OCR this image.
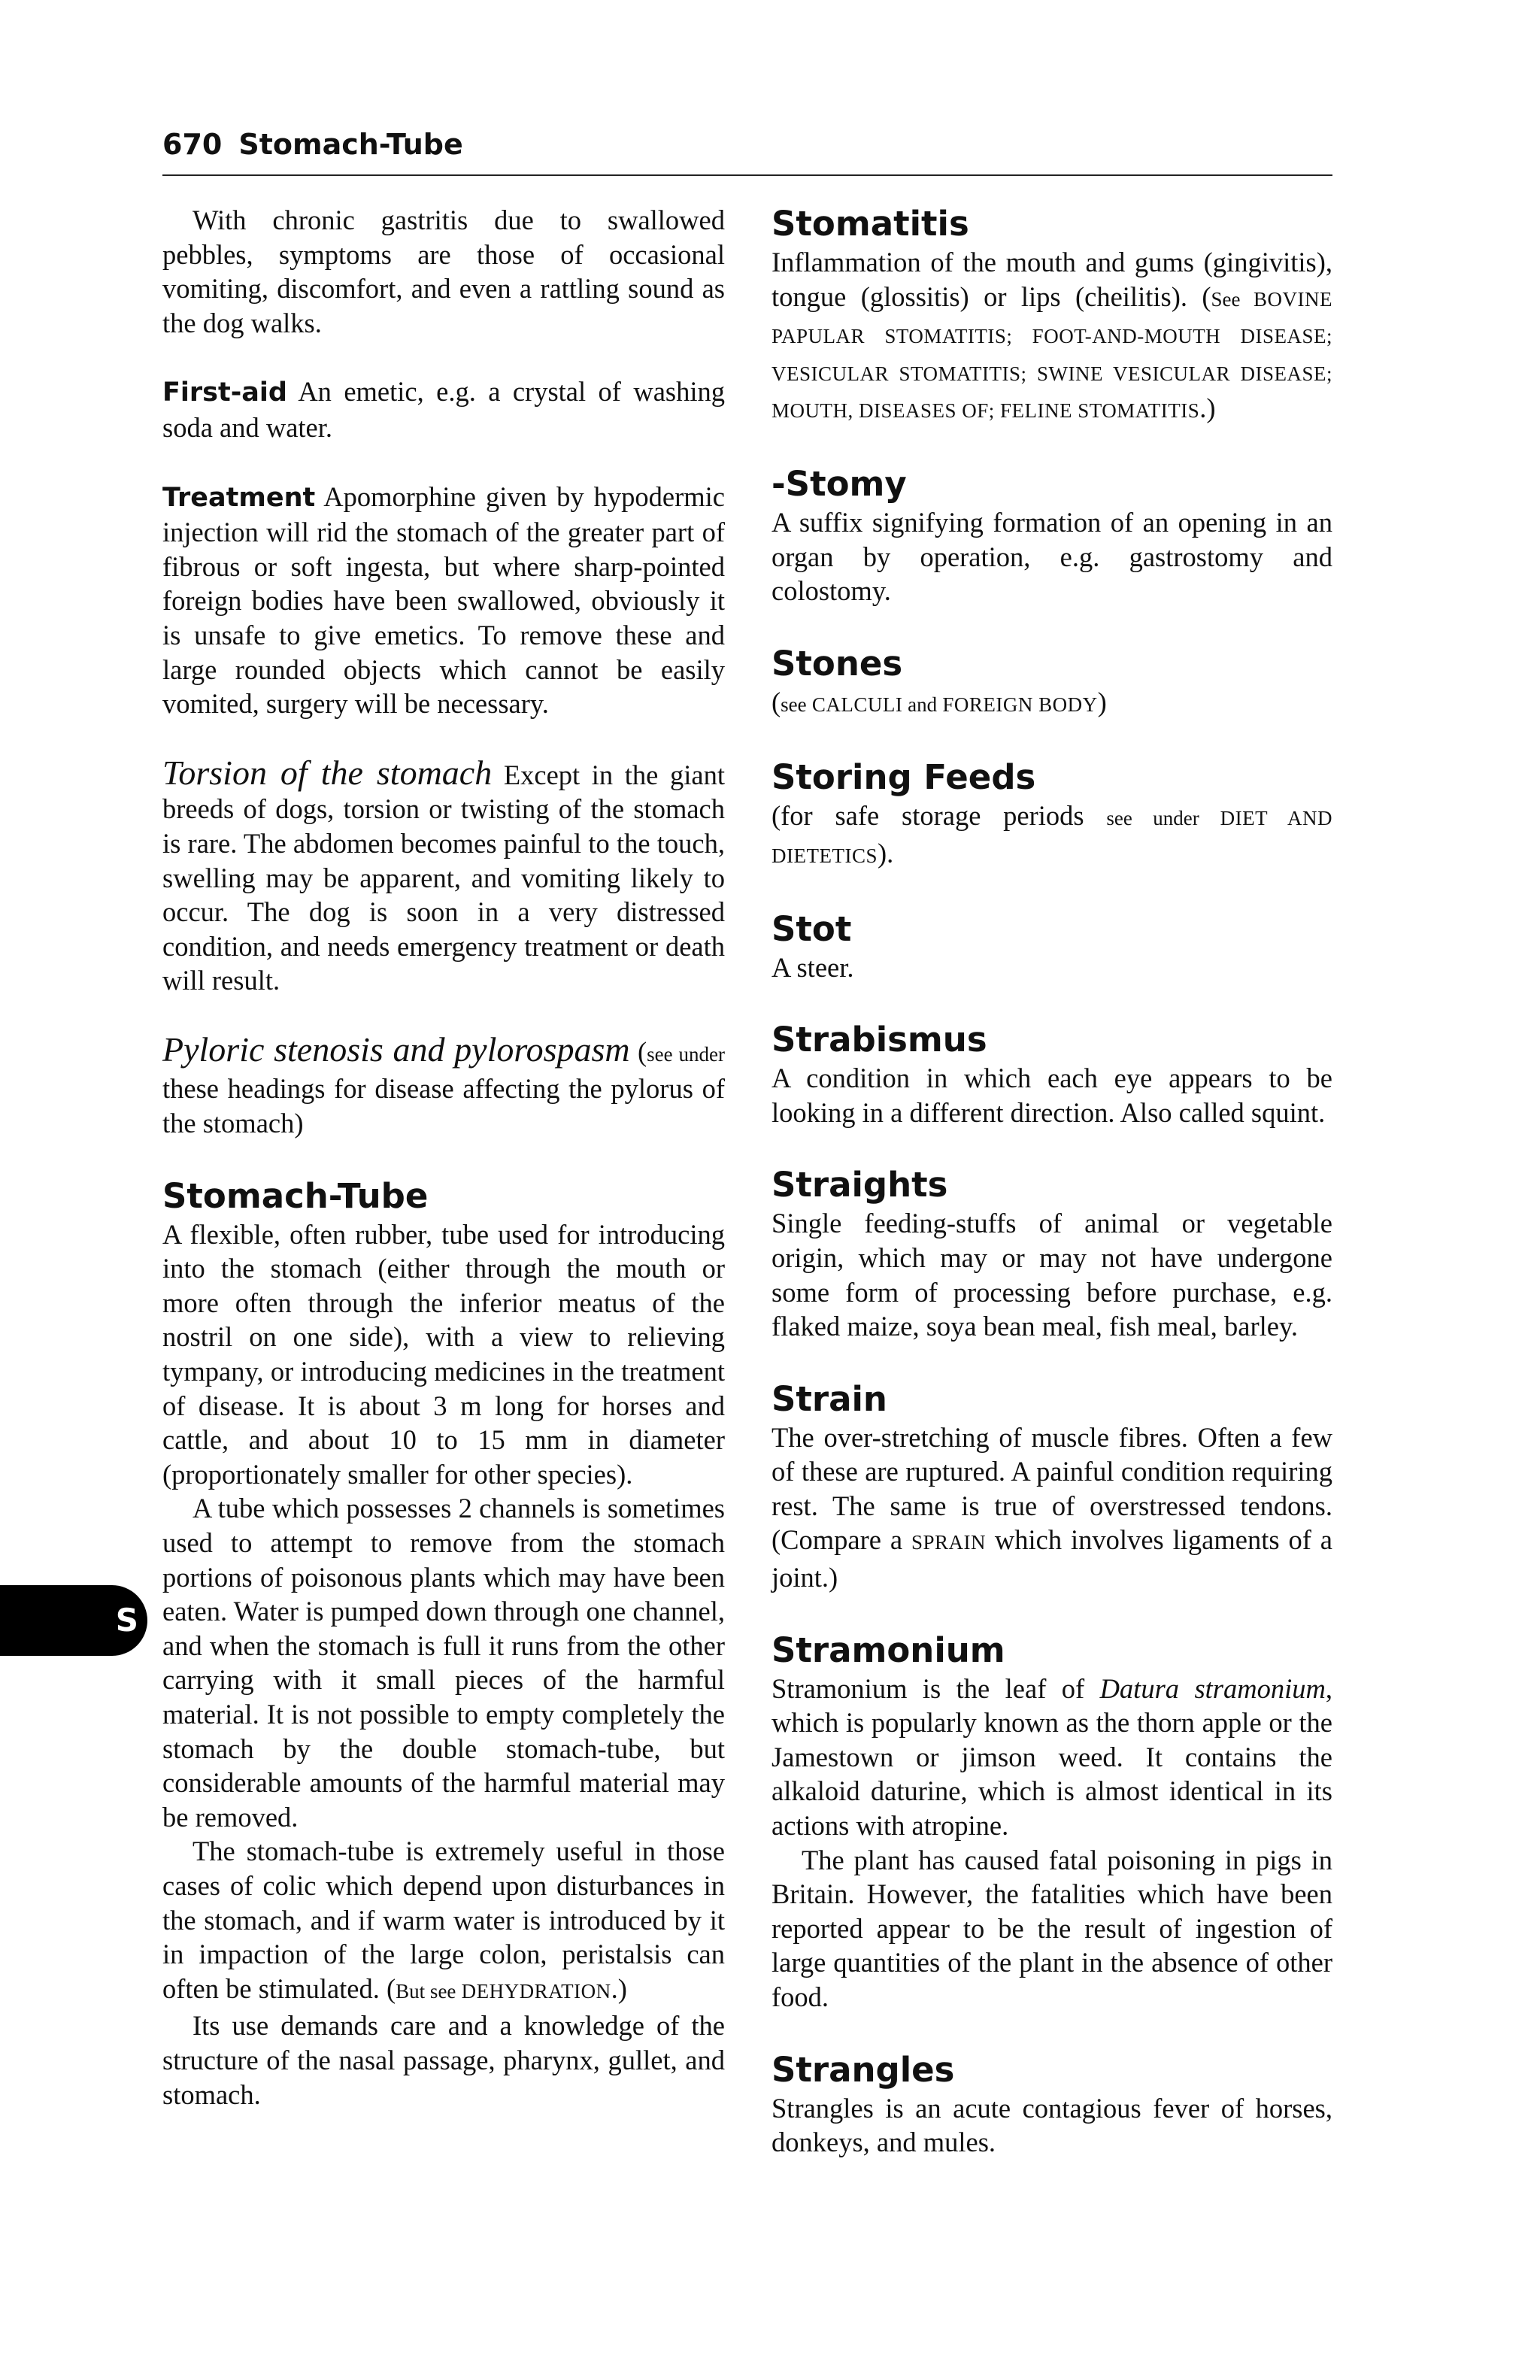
670 Stomach-Tube

With chronic gastritis due to swallowed pebbles, symptoms are those of occasional vomiting, discomfort, and even a rattling sound as the dog walks.

First-aid An emetic, e.g. a crystal of washing soda and water.

Treatment Apomorphine given by hypodermic injection will rid the stomach of the greater part of fibrous or soft ingesta, but where sharp-pointed foreign bodies have been swallowed, obviously it is unsafe to give emetics. To remove these and large rounded objects which cannot be easily vomited, surgery will be necessary.

Torsion of the stomach Except in the giant breeds of dogs, torsion or twisting of the stomach is rare. The abdomen becomes painful to the touch, swelling may be apparent, and vomiting likely to occur. The dog is soon in a very distressed condition, and needs emergency treatment or death will result.

Pyloric stenosis and pylorospasm (see under these headings for disease affecting the pylorus of the stomach)

Stomach-Tube

A flexible, often rubber, tube used for introducing into the stomach (either through the mouth or more often through the inferior meatus of the nostril on one side), with a view to relieving tympany, or introducing medicines in the treatment of disease. It is about 3 m long for horses and cattle, and about 10 to 15 mm in diameter (proportionately smaller for other species).

A tube which possesses 2 channels is sometimes used to attempt to remove from the stomach portions of poisonous plants which may have been eaten. Water is pumped down through one channel, and when the stomach is full it runs from the other carrying with it small pieces of the harmful material. It is not possible to empty completely the stomach by the double stomach-tube, but considerable amounts of the harmful material may be removed.

The stomach-tube is extremely useful in those cases of colic which depend upon disturbances in the stomach, and if warm water is introduced by it in impaction of the large colon, peristalsis can often be stimulated. (But see DEHYDRATION.)

Its use demands care and a knowledge of the structure of the nasal passage, pharynx, gullet, and stomach.

Stomatitis

Inflammation of the mouth and gums (gingivitis), tongue (glossitis) or lips (cheilitis). (See BOVINE PAPULAR STOMATITIS; FOOT-AND-MOUTH DISEASE; VESICULAR STOMATITIS; SWINE VESICULAR DISEASE; MOUTH, DISEASES OF; FELINE STOMATITIS.)

-Stomy

A suffix signifying formation of an opening in an organ by operation, e.g. gastrostomy and colostomy.

Stones

(see CALCULI and FOREIGN BODY)

Storing Feeds

(for safe storage periods see under DIET AND DIETETICS).

Stot

A steer.

Strabismus

A condition in which each eye appears to be looking in a different direction. Also called squint.

Straights

Single feeding-stuffs of animal or vegetable origin, which may or may not have undergone some form of processing before purchase, e.g. flaked maize, soya bean meal, fish meal, barley.

Strain

The over-stretching of muscle fibres. Often a few of these are ruptured. A painful condition requiring rest. The same is true of overstressed tendons. (Compare a SPRAIN which involves ligaments of a joint.)

Stramonium

Stramonium is the leaf of Datura stramonium, which is popularly known as the thorn apple or the Jamestown or jimson weed. It contains the alkaloid daturine, which is almost identical in its actions with atropine.

The plant has caused fatal poisoning in pigs in Britain. However, the fatalities which have been reported appear to be the result of ingestion of large quantities of the plant in the absence of other food.

Strangles

Strangles is an acute contagious fever of horses, donkeys, and mules.

S
